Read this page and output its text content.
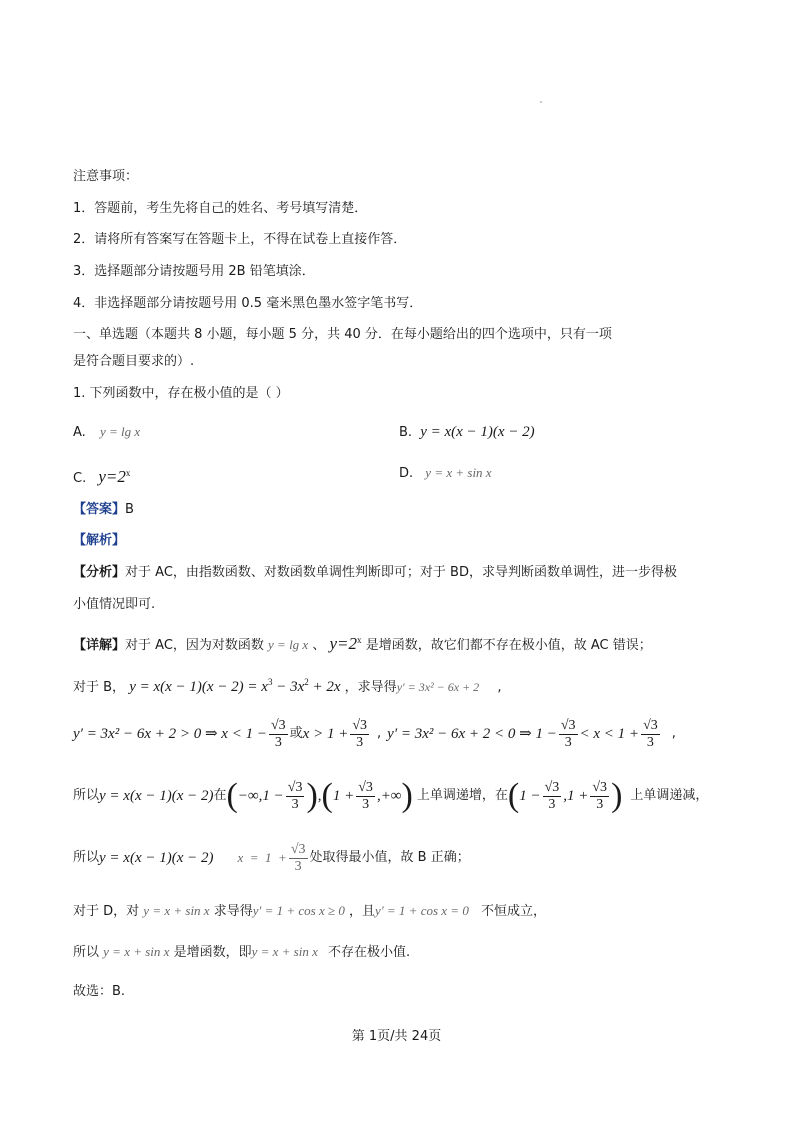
注意事项：
1．答题前，考生先将自己的姓名、考号填写清楚．
2．请将所有答案写在答题卡上，不得在试卷上直接作答．
3．选择题部分请按题号用 2B 铅笔填涂．
4．非选择题部分请按题号用 0.5 毫米黑色墨水签字笔书写．
一、单选题（本题共 8 小题，每小题 5 分，共 40 分．在每小题给出的四个选项中，只有一项
是符合题目要求的）.
1. 下列函数中，存在极小值的是（ ）
A. y = lg x	B. y = x(x − 1)(x − 2)
C. $y=2^x$	D. y = x + sin x
【答案】B
【解析】
【分析】对于 AC，由指数函数、对数函数单调性判断即可；对于 BD，求导判断函数单调性，进一步得极
小值情况即可.
【详解】对于 AC，因为对数函数 y = lg x 、 $y=2^x$ 是增函数，故它们都不存在极小值，故 AC 错误；
对于 B， $y = x(x - 1)(x - 2) = x^3 - 3x^2 + 2x$ ，求导得y′ = 3x² − 6x + 2 ,
y′ = 3x² − 6x + 2 > 0 ⇒ $x < 1 - \frac{√3}{3}$ 或$x > 1 + \frac{√3}{3}$ , y′ = 3x² − 6x + 2 < 0 ⇒ $1 - \frac{√3}{3} < x < 1 + \frac{√3}{3}$ ,
所以y = x(x − 1)(x − 2)在$(-\infty,1 - \frac{√3}{3} ),(1 + \frac{√3}{3}$ ,+∞) 上单调递增，在($1 - \frac{√3}{3} ,1 + \frac{√3}{3}$ ) 上单调递减，
所以y = x(x − 1)(x − 2) $x = 1 + \frac{√3}{3}$ 处取得最小值，故 B 正确；
对于 D，对 y = x + sin x 求导得y′ = 1 + cos x ≥ 0 ，且y′ = 1 + cos x = 0 不恒成立，
所以 y = x + sin x 是增函数，即y = x + sin x 不存在极小值.
故选：B.
第 1页/共 24页
